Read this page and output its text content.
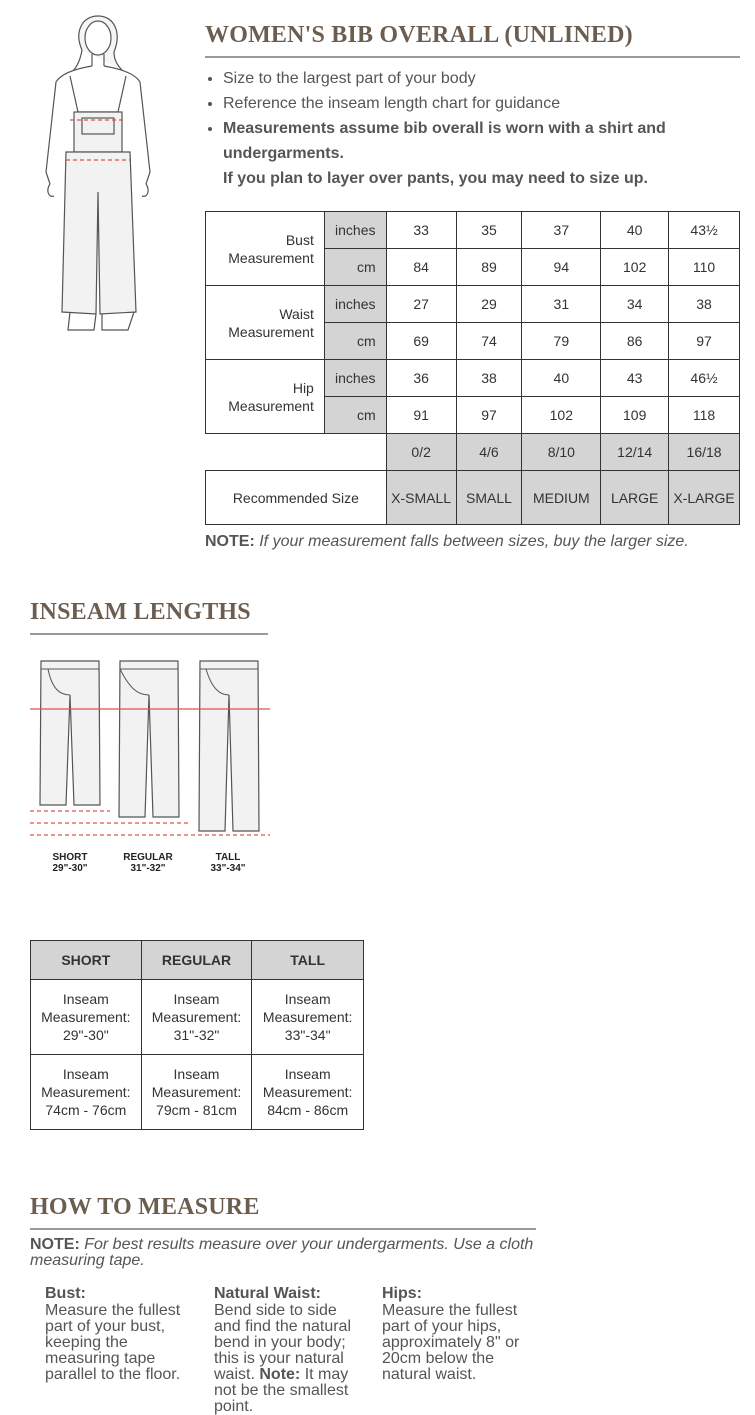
WOMEN'S BIB OVERALL (UNLINED)
• Size to the largest part of your body
• Reference the inseam length chart for guidance
• Measurements assume bib overall is worn with a shirt and undergarments.
If you plan to layer over pants, you may need to size up.
Bust
Measurement	inches	33	35	37	40	43½
	cm	84	89	94	102	110
Waist
Measurement	inches	27	29	31	34	38
	cm	69	74	79	86	97
Hip
Measurement	inches	36	38	40	43	46½
	cm	91	97	102	109	118
		0/2	4/6	8/10	12/14	16/18
Recommended Size		X-SMALL	SMALL	MEDIUM	LARGE	X-LARGE
NOTE: If your measurement falls between sizes, buy the larger size.
INSEAM LENGTHS
SHORT
29"-30"
REGULAR
31"-32"
TALL
33"-34"
SHORT	REGULAR	TALL
Inseam Measurement: 29"-30"	Inseam Measurement: 31"-32"	Inseam Measurement: 33"-34"
Inseam Measurement: 74cm - 76cm	Inseam Measurement: 79cm - 81cm	Inseam Measurement: 84cm - 86cm
HOW TO MEASURE
NOTE: For best results measure over your undergarments. Use a cloth measuring tape.
Bust:

Measure the fullest part of your bust, keeping the measuring tape parallel to the floor.

Natural Waist:

Bend side to side and find the natural bend in your body; this is your natural waist. Note: It may not be the smallest point.

Hips:

Measure the fullest part of your hips, approximately 8" or 20cm below the natural waist.
